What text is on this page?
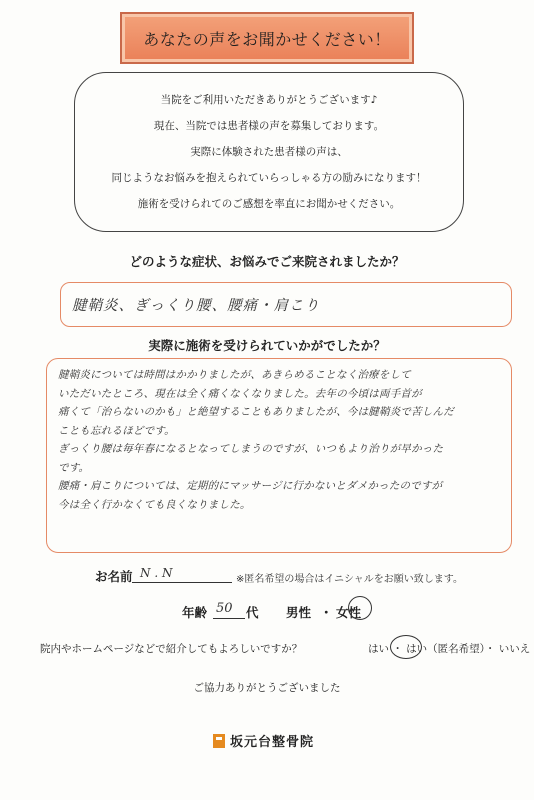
あなたの声をお聞かせください！

当院をご利用いただきありがとうございます♪

現在、当院では患者様の声を募集しております。

実際に体験された患者様の声は、

同じようなお悩みを抱えられていらっしゃる方の励みになります！

施術を受けられてのご感想を率直にお聞かせください。

どのような症状、お悩みでご来院されましたか？
腱鞘炎、ぎっくり腰、腰痛・肩こり
実際に施術を受けられていかがでしたか？
腱鞘炎については時間はかかりましたが、あきらめることなく治療をして
いただいたところ、現在は全く痛くなくなりました。去年の今頃は両手首が
痛くて「治らないのかも」と絶望することもありましたが、今は腱鞘炎で苦しんだ
ことも忘れるほどです。
ぎっくり腰は毎年春になるとなってしまうのですが、いつもより治りが早かった
です。
腰痛・肩こりについては、定期的にマッサージに行かないとダメかったのですが
今は全く行かなくても良くなりました。
お名前 N . N	※匿名希望の場合はイニシャルをお願い致します。
年齢 50 代 男性 ・ 女性
院内やホームページなどで紹介してもよろしいですか？	はい ・ はい（匿名希望）・ いいえ
ご協力ありがとうございました
坂元台整骨院
